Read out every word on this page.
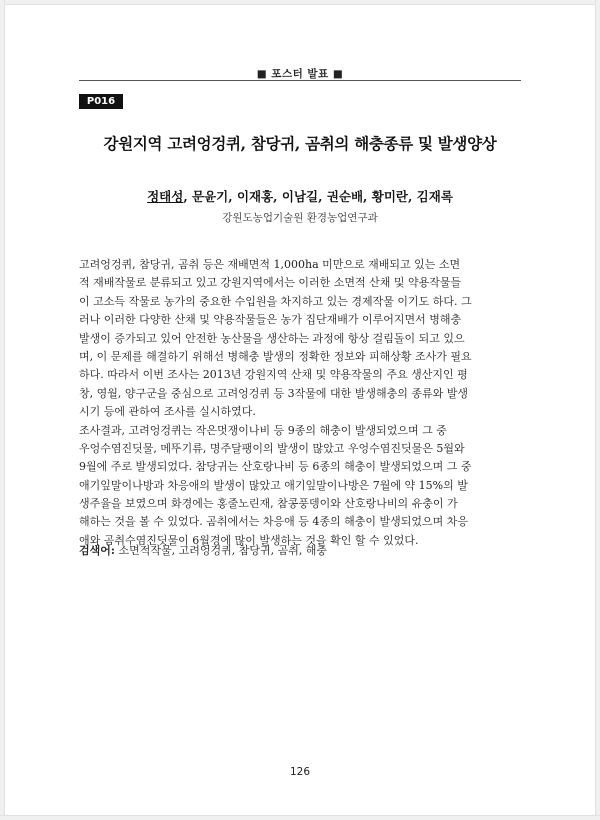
■ 포스터 발표 ■
P016
강원지역 고려엉겅퀴, 참당귀, 곰취의 해충종류 및 발생양상
정태성, 문윤기, 이재홍, 이남길, 권순배, 황미란, 김재록
강원도농업기술원 환경농업연구과
고려엉겅퀴, 참당귀, 곰취 등은 재배면적 1,000ha 미만으로 재배되고 있는 소면
적 재배작물로 분류되고 있고 강원지역에서는 이러한 소면적 산채 및 약용작물들
이 고소득 작물로 농가의 중요한 수입원을 차지하고 있는 경제작물 이기도 하다. 그
러나 이러한 다양한 산채 및 약용작물들은 농가 집단재배가 이루어지면서 병해충
발생이 증가되고 있어 안전한 농산물을 생산하는 과정에 항상 걸림돌이 되고 있으
며, 이 문제를 해결하기 위해선 병해충 발생의 정확한 정보와 피해상황 조사가 필요
하다. 따라서 이번 조사는 2013년 강원지역 산채 및 약용작물의 주요 생산지인 평
창, 영월, 양구군을 중심으로 고려엉겅퀴 등 3작물에 대한 발생해충의 종류와 발생
시기 등에 관하여 조사를 실시하였다.
조사결과, 고려엉겅퀴는 작은멋쟁이나비 등 9종의 해충이 발생되었으며 그 중
우엉수염진딧물, 메뚜기류, 명주달팽이의 발생이 많았고 우엉수염진딧물은 5월와
9월에 주로 발생되었다. 참당귀는 산호랑나비 등 6종의 해충이 발생되었으며 그 중
애기잎말이나방과 차응애의 발생이 많았고 애기잎말이나방은 7월에 약 15%의 발
생주율을 보였으며 화경에는 홍줄노린재, 참콩풍뎅이와 산호랑나비의 유충이 가
해하는 것을 볼 수 있었다. 곰취에서는 차응애 등 4종의 해충이 발생되었으며 차응
애와 곰취수염진딧물이 6월경에 많이 발생하는 것을 확인 할 수 있었다.
검색어: 소면적작물, 고려엉겅퀴, 참당귀, 곰취, 해충
126
